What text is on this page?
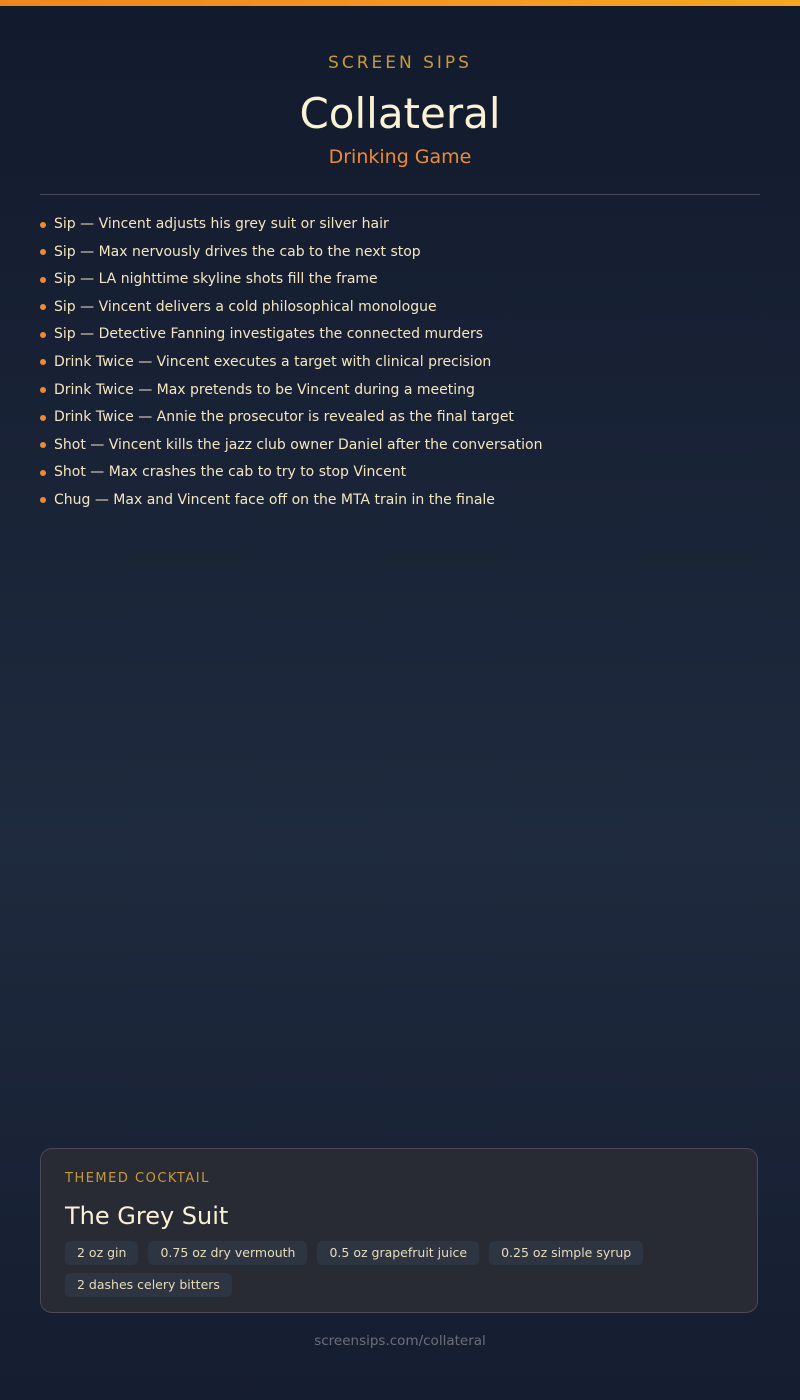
SCREEN SIPS
Collateral
Drinking Game
Sip — Vincent adjusts his grey suit or silver hair
Sip — Max nervously drives the cab to the next stop
Sip — LA nighttime skyline shots fill the frame
Sip — Vincent delivers a cold philosophical monologue
Sip — Detective Fanning investigates the connected murders
Drink Twice — Vincent executes a target with clinical precision
Drink Twice — Max pretends to be Vincent during a meeting
Drink Twice — Annie the prosecutor is revealed as the final target
Shot — Vincent kills the jazz club owner Daniel after the conversation
Shot — Max crashes the cab to try to stop Vincent
Chug — Max and Vincent face off on the MTA train in the finale
THEMED COCKTAIL
The Grey Suit
2 oz gin	0.75 oz dry vermouth	0.5 oz grapefruit juice	0.25 oz simple syrup
2 dashes celery bitters
screensips.com/collateral
